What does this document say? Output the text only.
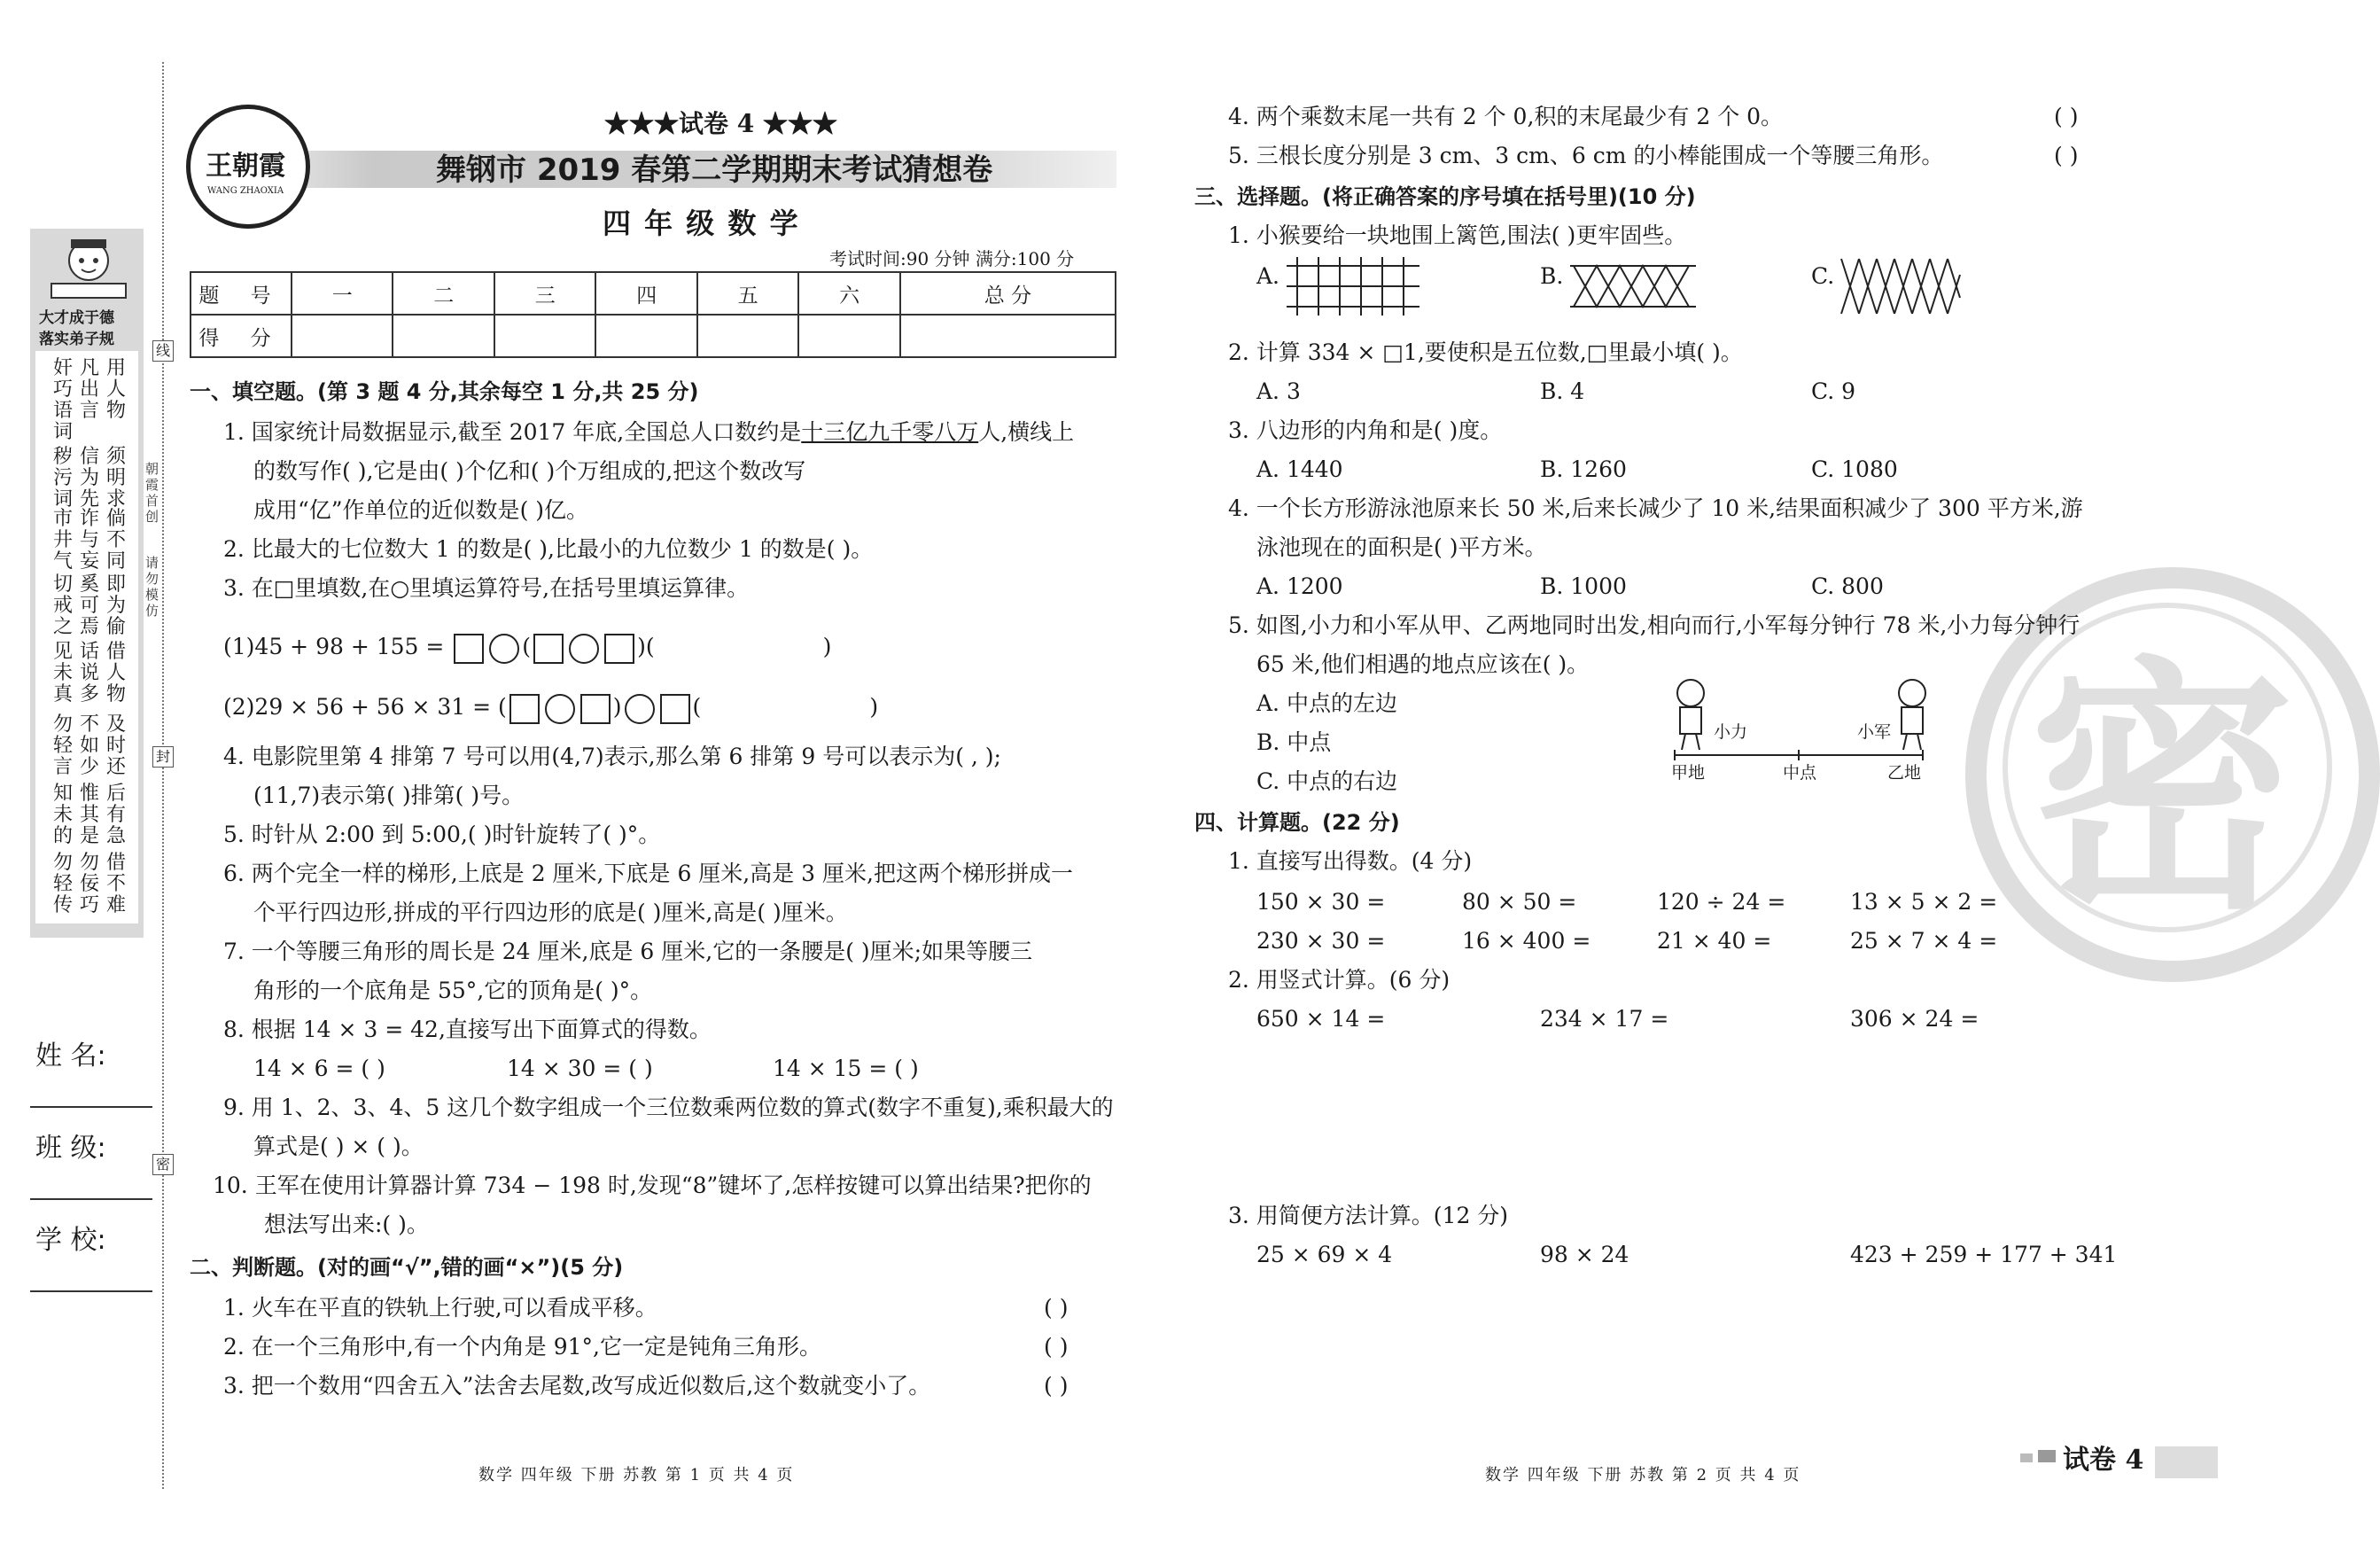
大才成于德
落实弟子规
奸巧语词
秽污词
市井气
切戒之
见未真
勿轻言
知未的
勿轻传
凡出言
信为先
诈与妄
奚可焉
话说多
不如少
惟其是
勿佞巧
用人物
须明求
倘不同
即为偷
借人物
及时还
后有急
借不难
线
封
密
朝霞首创
请勿模仿
姓 名:
班 级:
学 校:
王朝霞
WANG ZHAOXIA
★★★试卷 4 ★★★
舞钢市 2019 春第二学期期末考试猜想卷
四 年 级 数 学
考试时间:90 分钟 满分:100 分
题 号	一	二	三	四	五	六	总 分
得 分							
一、填空题。(第 3 题 4 分,其余每空 1 分,共 25 分)
1. 国家统计局数据显示,截至 2017 年底,全国总人口数约是十三亿九千零八万人,横线上
的数写作( ),它是由( )个亿和( )个万组成的,把这个数改写
成用“亿”作单位的近似数是( )亿。
2. 比最大的七位数大 1 的数是( ),比最小的九位数少 1 的数是( )。
3. 在□里填数,在○里填运算符号,在括号里填运算律。
(1)45 + 98 + 155 =	(	)(	)
(2)29 × 56 + 56 × 31 = (	)	(	)
4. 电影院里第 4 排第 7 号可以用(4,7)表示,那么第 6 排第 9 号可以表示为( , );
(11,7)表示第( )排第( )号。
5. 时针从 2:00 到 5:00,( )时针旋转了( )°。
6. 两个完全一样的梯形,上底是 2 厘米,下底是 6 厘米,高是 3 厘米,把这两个梯形拼成一
个平行四边形,拼成的平行四边形的底是( )厘米,高是( )厘米。
7. 一个等腰三角形的周长是 24 厘米,底是 6 厘米,它的一条腰是( )厘米;如果等腰三
角形的一个底角是 55°,它的顶角是( )°。
8. 根据 14 × 3 = 42,直接写出下面算式的得数。
14 × 6 = ( )	14 × 30 = ( )	14 × 15 = ( )
9. 用 1、2、3、4、5 这几个数字组成一个三位数乘两位数的算式(数字不重复),乘积最大的
算式是( ) × ( )。
10. 王军在使用计算器计算 734 − 198 时,发现“8”键坏了,怎样按键可以算出结果?把你的
想法写出来:( )。
二、判断题。(对的画“√”,错的画“×”)(5 分)
1. 火车在平直的铁轨上行驶,可以看成平移。	( )
2. 在一个三角形中,有一个内角是 91°,它一定是钝角三角形。	( )
3. 把一个数用“四舍五入”法舍去尾数,改写成近似数后,这个数就变小了。	( )
数学 四年级 下册 苏教 第 1 页 共 4 页
密
4. 两个乘数末尾一共有 2 个 0,积的末尾最少有 2 个 0。	( )
5. 三根长度分别是 3 cm、3 cm、6 cm 的小棒能围成一个等腰三角形。	( )
三、选择题。(将正确答案的序号填在括号里)(10 分)
1. 小猴要给一块地围上篱笆,围法( )更牢固些。
A.	B.	C.
2. 计算 334 × □1,要使积是五位数,□里最小填( )。
A. 3	B. 4	C. 9
3. 八边形的内角和是( )度。
A. 1440	B. 1260	C. 1080
4. 一个长方形游泳池原来长 50 米,后来长减少了 10 米,结果面积减少了 300 平方米,游
泳池现在的面积是( )平方米。
A. 1200	B. 1000	C. 800
5. 如图,小力和小军从甲、乙两地同时出发,相向而行,小军每分钟行 78 米,小力每分钟行
65 米,他们相遇的地点应该在( )。
A. 中点的左边
B. 中点
C. 中点的右边
小力	小军
甲地	中点	乙地
四、计算题。(22 分)
1. 直接写出得数。(4 分)
150 × 30 =	80 × 50 =	120 ÷ 24 =	13 × 5 × 2 =
230 × 30 =	16 × 400 =	21 × 40 =	25 × 7 × 4 =
2. 用竖式计算。(6 分)
650 × 14 =	234 × 17 =	306 × 24 =
3. 用简便方法计算。(12 分)
25 × 69 × 4	98 × 24	423 + 259 + 177 + 341
数学 四年级 下册 苏教 第 2 页 共 4 页	试卷 4
